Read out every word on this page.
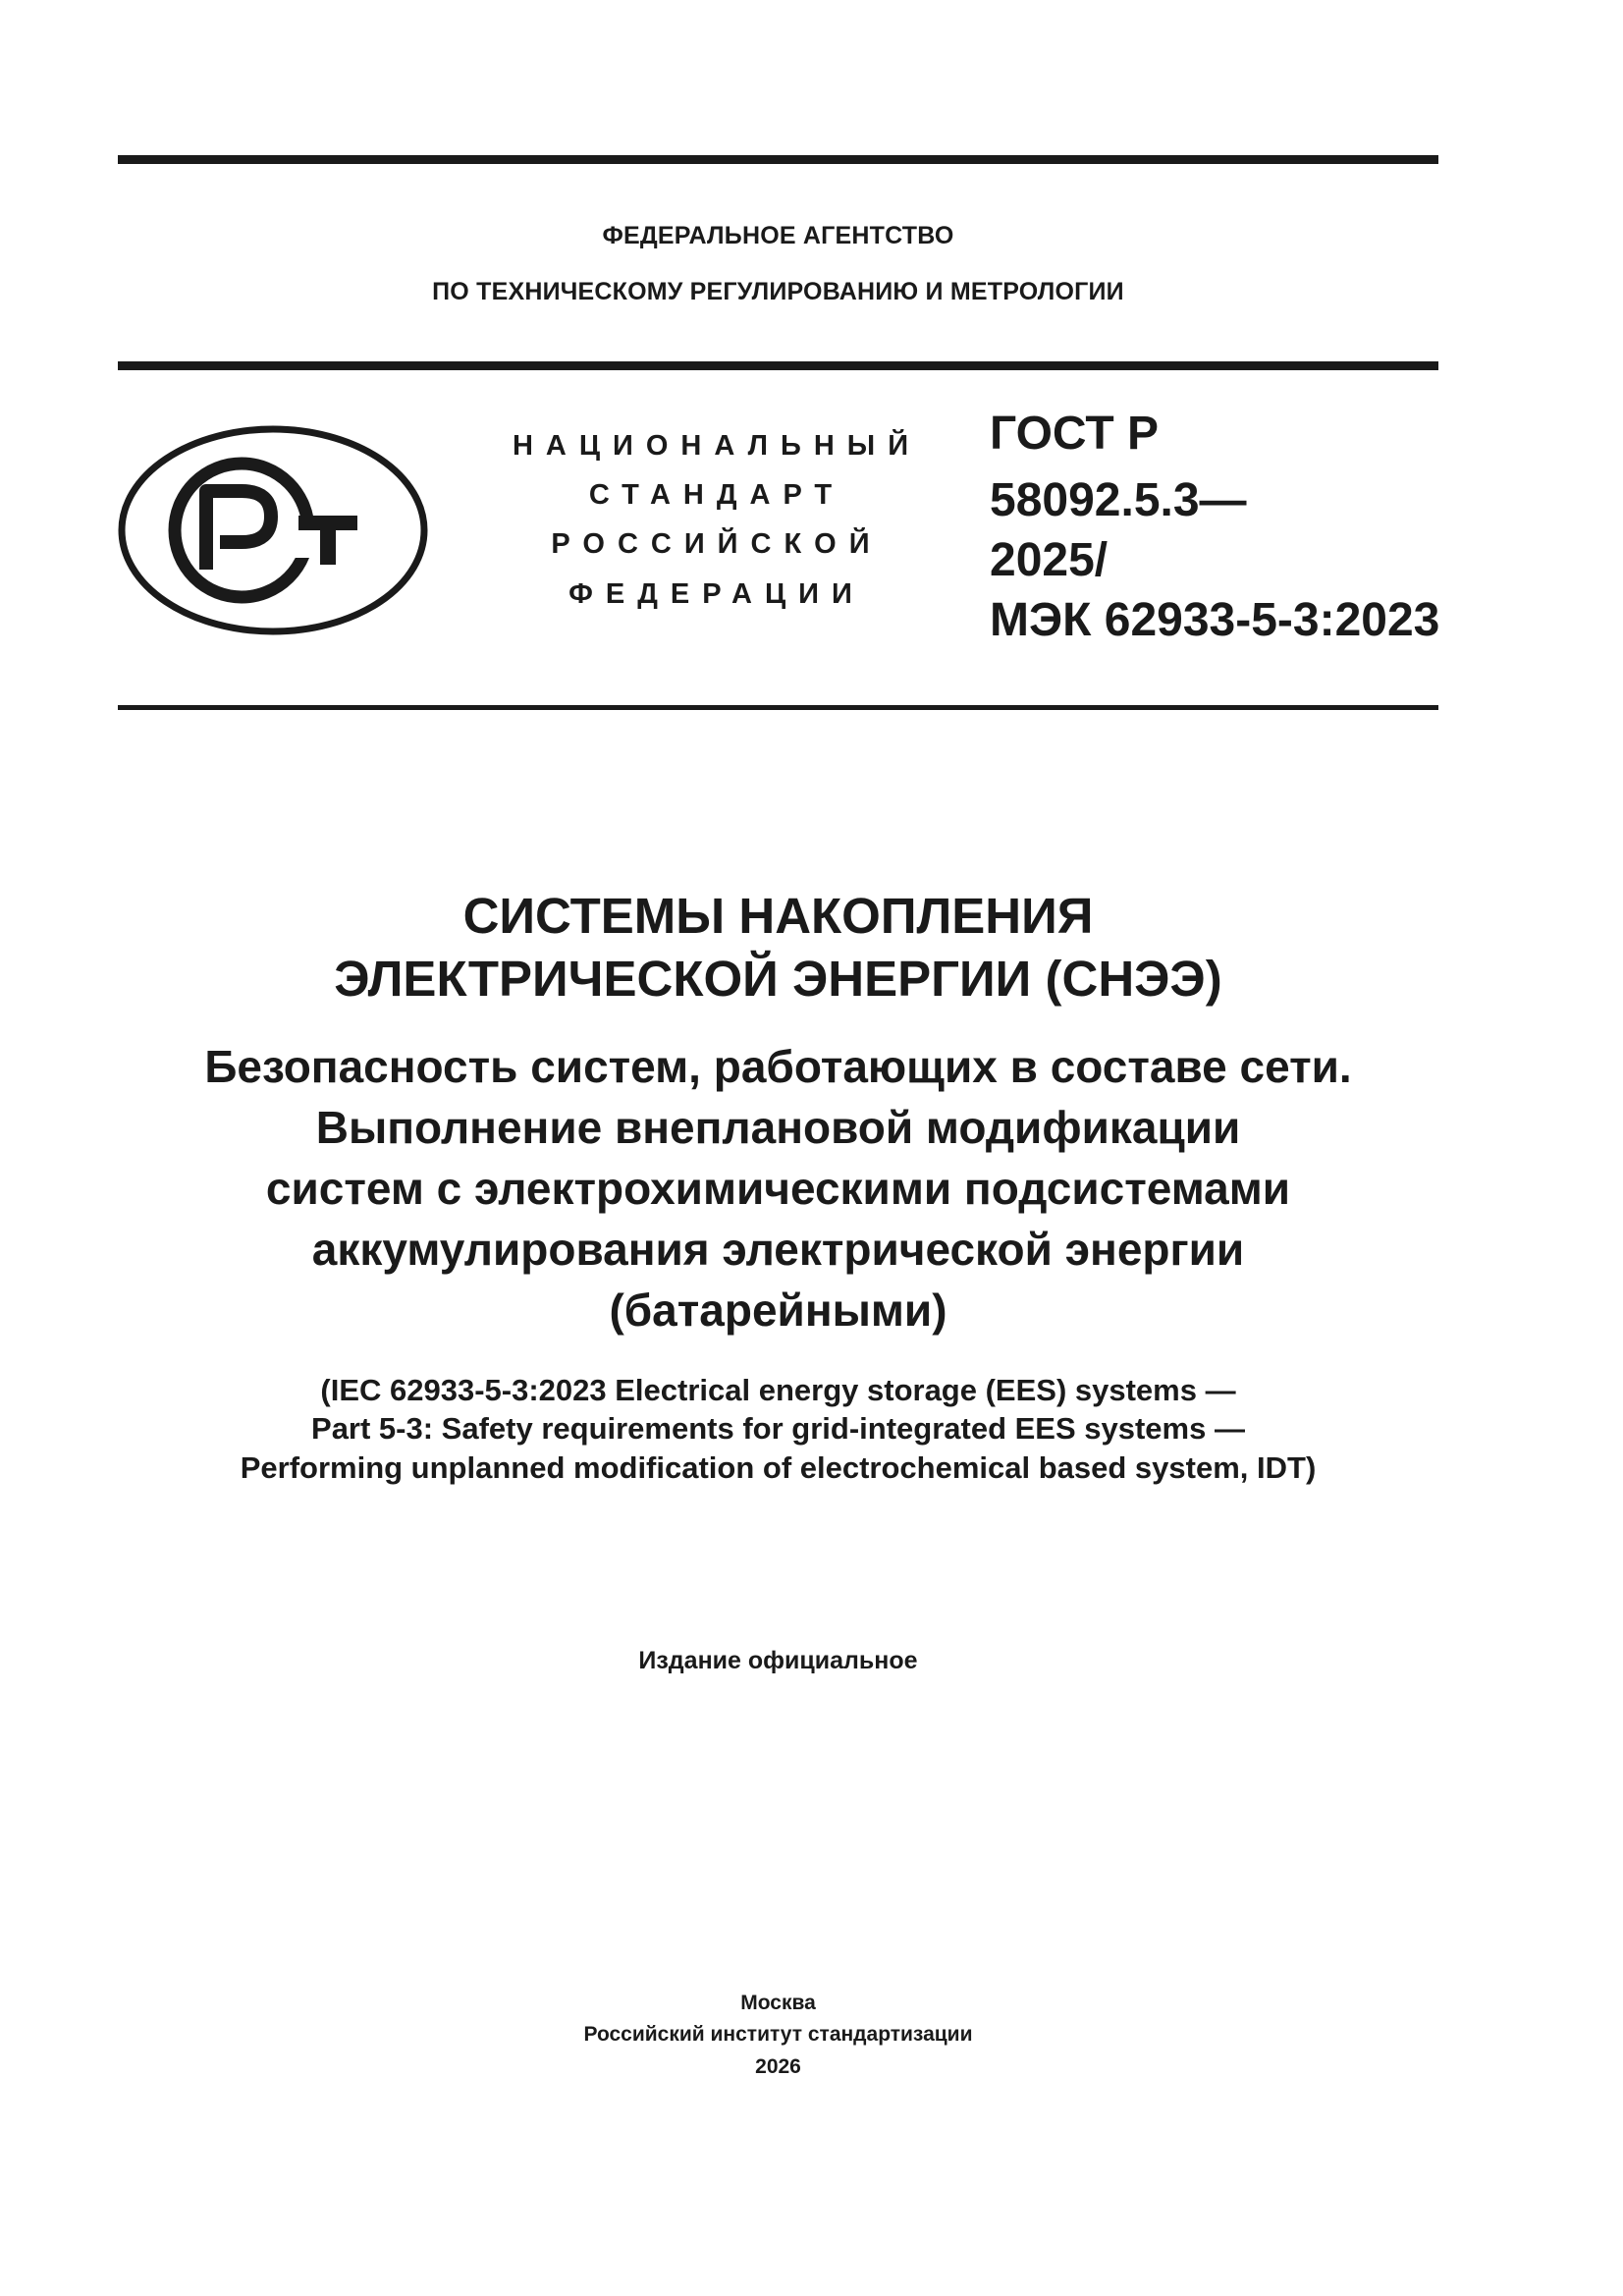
ФЕДЕРАЛЬНОЕ АГЕНТСТВО
ПО ТЕХНИЧЕСКОМУ РЕГУЛИРОВАНИЮ И МЕТРОЛОГИИ
НАЦИОНАЛЬНЫЙ
СТАНДАРТ
РОССИЙСКОЙ
ФЕДЕРАЦИИ
ГОСТ Р
58092.5.3—
2025/
МЭК 62933-5-3:2023
СИСТЕМЫ НАКОПЛЕНИЯ
ЭЛЕКТРИЧЕСКОЙ ЭНЕРГИИ (СНЭЭ)
Безопасность систем, работающих в составе сети.
Выполнение внеплановой модификации
систем с электрохимическими подсистемами
аккумулирования электрической энергии
(батарейными)
(IEC 62933-5-3:2023 Electrical energy storage (EES) systems —
Part 5-3: Safety requirements for grid-integrated EES systems —
Performing unplanned modification of electrochemical based system, IDT)
Издание официальное
Москва
Российский институт стандартизации
2026
